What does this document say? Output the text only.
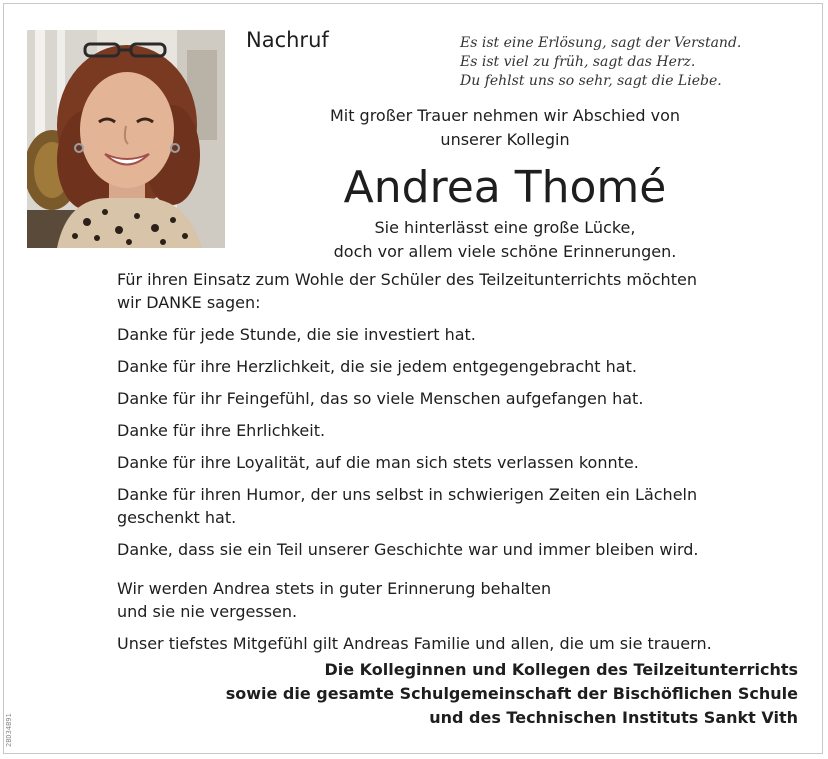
Nachruf	Es ist eine Erlösung, sagt der Verstand.
Es ist viel zu früh, sagt das Herz.
Du fehlst uns so sehr, sagt die Liebe.
Mit großer Trauer nehmen wir Abschied von
unserer Kollegin
Andrea Thomé
Sie hinterlässt eine große Lücke,
doch vor allem viele schöne Erinnerungen.
Für ihren Einsatz zum Wohle der Schüler des Teilzeitunterrichts möchten
wir DANKE sagen:
Danke für jede Stunde, die sie investiert hat.
Danke für ihre Herzlichkeit, die sie jedem entgegengebracht hat.
Danke für ihr Feingefühl, das so viele Menschen aufgefangen hat.
Danke für ihre Ehrlichkeit.
Danke für ihre Loyalität, auf die man sich stets verlassen konnte.
Danke für ihren Humor, der uns selbst in schwierigen Zeiten ein Lächeln
geschenkt hat.
Danke, dass sie ein Teil unserer Geschichte war und immer bleiben wird.
Wir werden Andrea stets in guter Erinnerung behalten
und sie nie vergessen.
Unser tiefstes Mitgefühl gilt Andreas Familie und allen, die um sie trauern.
Die Kolleginnen und Kollegen des Teilzeitunterrichts
sowie die gesamte Schulgemeinschaft der Bischöflichen Schule
und des Technischen Instituts Sankt Vith
2BD34B91
